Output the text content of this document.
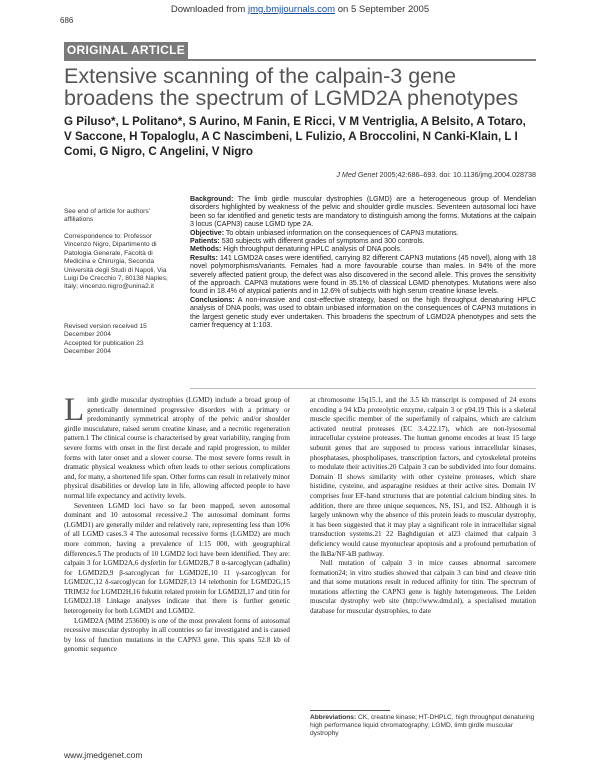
Downloaded from jmg.bmjjournals.com on 5 September 2005
686
ORIGINAL ARTICLE
Extensive scanning of the calpain-3 gene broadens the spectrum of LGMD2A phenotypes
G Piluso*, L Politano*, S Aurino, M Fanin, E Ricci, V M Ventriglia, A Belsito, A Totaro, V Saccone, H Topaloglu, A C Nascimbeni, L Fulizio, A Broccolini, N Canki-Klain, L I Comi, G Nigro, C Angelini, V Nigro
J Med Genet 2005;42:686–693. doi: 10.1136/jmg.2004.028738
See end of article for authors' affiliations
Correspondence to: Professor Vincenzo Nigro, Dipartimento di Patologia Generale, Facoltà di Medicina e Chirurgia, Seconda Università degli Studi di Napoli, Via Luigi De Crecchio 7, 80138 Naples, Italy; vincenzo.nigro@unina2.it
Revised version received 15 December 2004
Accepted for publication 23 December 2004

Background: The limb girdle muscular dystrophies (LGMD) are a heterogeneous group of Mendelian disorders highlighted by weakness of the pelvic and shoulder girdle muscles. Seventeen autosomal loci have been so far identified and genetic tests are mandatory to distinguish among the forms. Mutations at the calpain 3 locus (CAPN3) cause LGMD type 2A.

Objective: To obtain unbiased information on the consequences of CAPN3 mutations.

Patients: 530 subjects with different grades of symptoms and 300 controls.

Methods: High throughput denaturing HPLC analysis of DNA pools.

Results: 141 LGMD2A cases were identified, carrying 82 different CAPN3 mutations (45 novel), along with 18 novel polymorphisms/variants. Females had a more favourable course than males. In 94% of the more severely affected patient group, the defect was also discovered in the second allele. This proves the sensitivity of the approach. CAPN3 mutations were found in 35.1% of classical LGMD phenotypes. Mutations were also found in 18.4% of atypical patients and in 12.6% of subjects with high serum creatine kinase levels.

Conclusions: A non-invasive and cost-effective strategy, based on the high throughput denaturing HPLC analysis of DNA pools, was used to obtain unbiased information on the consequences of CAPN3 mutations in the largest genetic study ever undertaken. This broadens the spectrum of LGMD2A phenotypes and sets the carrier frequency at 1:103.

Limb girdle muscular dystrophies (LGMD) include a broad group of genetically determined progressive disorders with a primary or predominantly symmetrical atrophy of the pelvic and/or shoulder girdle musculature, raised serum creatine kinase, and a necrotic regeneration pattern.1 The clinical course is characterised by great variability, ranging from severe forms with onset in the first decade and rapid progression, to milder forms with later onset and a slower course. The most severe forms result in dramatic physical weakness which often leads to other serious complications and, for many, a shortened life span. Other forms can result in relatively minor physical disabilities or develop late in life, allowing affected people to have normal life expectancy and activity levels.

Seventeen LGMD loci have so far been mapped, seven autosomal dominant and 10 autosomal recessive.2 The autosomal dominant forms (LGMD1) are generally milder and relatively rare, representing less than 10% of all LGMD cases.3 4 The autosomal recessive forms (LGMD2) are much more common, having a prevalence of 1:15 000, with geographical differences.5 The products of 10 LGMD2 loci have been identified. They are: calpain 3 for LGMD2A,6 dysferlin for LGMD2B,7 8 α-sarcoglycan (adhalin) for LGMD2D,9 β-sarcoglycan for LGMD2E,10 11 γ-sarcoglycan for LGMD2C,12 δ-sarcoglycan for LGMD2F,13 14 telethonin for LGMD2G,15 TRIM32 for LGMD2H,16 fukutin related protein for LGMD2I,17 and titin for LGMD2J.18 Linkage analyses indicate that there is further genetic heterogeneity for both LGMD1 and LGMD2.

LGMD2A (MIM 253600) is one of the most prevalent forms of autosomal recessive muscular dystrophy in all countries so far investigated and is caused by loss of function mutations in the CAPN3 gene. This spans 52.8 kb of genomic sequence

at chromosome 15q15.1, and the 3.5 kb transcript is composed of 24 exons encoding a 94 kDa proteolytic enzyme, calpain 3 or p94.19 This is a skeletal muscle specific member of the superfamily of calpains, which are calcium activated neutral proteases (EC 3.4.22.17), which are non-lysosomal intracellular cysteine proteases. The human genome encodes at least 15 large subunit genes that are supposed to process various intracellular kinases, phosphatases, phospholipases, transcription factors, and cytoskeletal proteins to modulate their activities.20 Calpain 3 can be subdivided into four domains. Domain II shows similarity with other cysteine proteases, which share histidine, cysteine, and asparagine residues at their active sites. Domain IV comprises four EF-hand structures that are potential calcium binding sites. In addition, there are three unique sequences, NS, IS1, and IS2. Although it is largely unknown why the absence of this protein leads to muscular dystrophy, it has been suggested that it may play a significant role in intracellular signal transduction systems.21 22 Baghdiguian et al23 claimed that calpain 3 deficiency would cause myonuclear apoptosis and a profound perturbation of the IkBa/NF-kB pathway.

Null mutation of calpain 3 in mice causes abnormal sarcomere formation24; in vitro studies showed that calpain 3 can bind and cleave titin and that some mutations result in reduced affinity for titin. The spectrum of mutations affecting the CAPN3 gene is highly heterogeneous. The Leiden muscular dystrophy web site (http://www.dmd.nl), a specialised mutation database for muscular dystrophies, to date

Abbreviations: CK, creatine kinase; HT-DHPLC, high throughput denaturing high performance liquid chromatography; LGMD, limb girdle muscular dystrophy
www.jmedgenet.com
